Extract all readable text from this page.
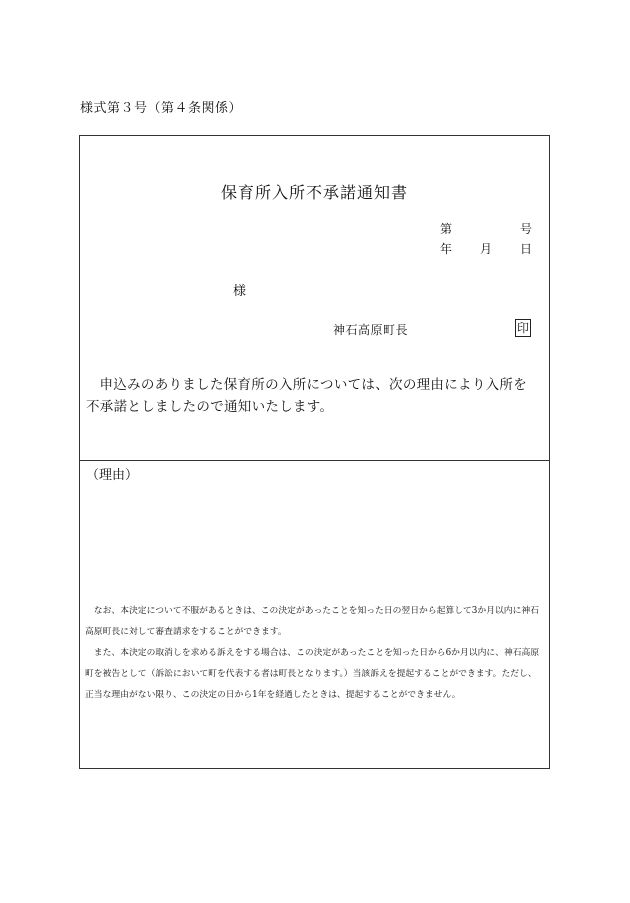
様式第３号（第４条関係）
保育所入所不承諾通知書
第	号
年 月 日
様
神石高原町長	印
申込みのありました保育所の入所については、次の理由により入所を不承諾としましたので通知いたします。
（理由）

なお、本決定について不服があるときは、この決定があったことを知った日の翌日から起算して3か月以内に神石高原町長に対して審査請求をすることができます。

また、本決定の取消しを求める訴えをする場合は、この決定があったことを知った日から6か月以内に、神石高原町を被告として（訴訟において町を代表する者は町長となります。）当該訴えを提起することができます。ただし、正当な理由がない限り、この決定の日から1年を経過したときは、提起することができません。
